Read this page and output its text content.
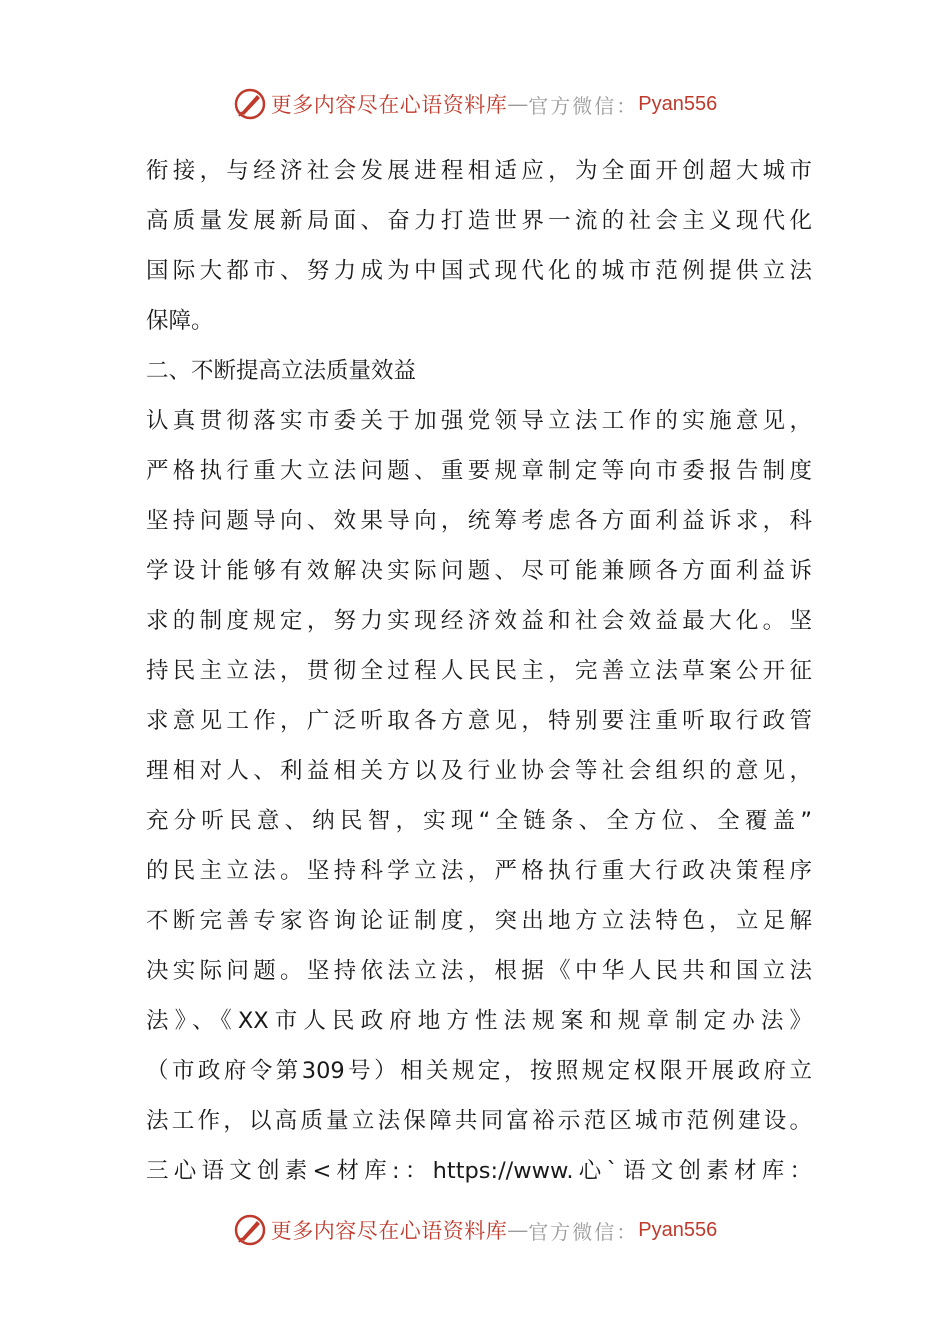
更多内容尽在心语资料库 — 官方微信： Pyan556
衔接，与经济社会发展进程相适应，为全面开创超大城市
高质量发展新局面、奋力打造世界一流的社会主义现代化
国际大都市、努力成为中国式现代化的城市范例提供立法
保障。
二、不断提高立法质量效益
认真贯彻落实市委关于加强党领导立法工作的实施意见，
严格执行重大立法问题、重要规章制定等向市委报告制度
坚持问题导向、效果导向，统筹考虑各方面利益诉求，科
学设计能够有效解决实际问题、尽可能兼顾各方面利益诉
求的制度规定，努力实现经济效益和社会效益最大化。坚
持民主立法，贯彻全过程人民民主，完善立法草案公开征
求意见工作，广泛听取各方意见，特别要注重听取行政管
理相对人、利益相关方以及行业协会等社会组织的意见，
充分听民意、纳民智，实现“全链条、全方位、全覆盖”
的民主立法。坚持科学立法，严格执行重大行政决策程序
不断完善专家咨询论证制度，突出地方立法特色，立足解
决实际问题。坚持依法立法，根据《中华人民共和国立法
法》、《XX市人民政府地方性法规案和规章制定办法》
（市政府令第309号）相关规定，按照规定权限开展政府立
法工作，以高质量立法保障共同富裕示范区城市范例建设。
三心语文创素<材库:：https://www.心`语文创素材库：
更多内容尽在心语资料库 — 官方微信： Pyan556
